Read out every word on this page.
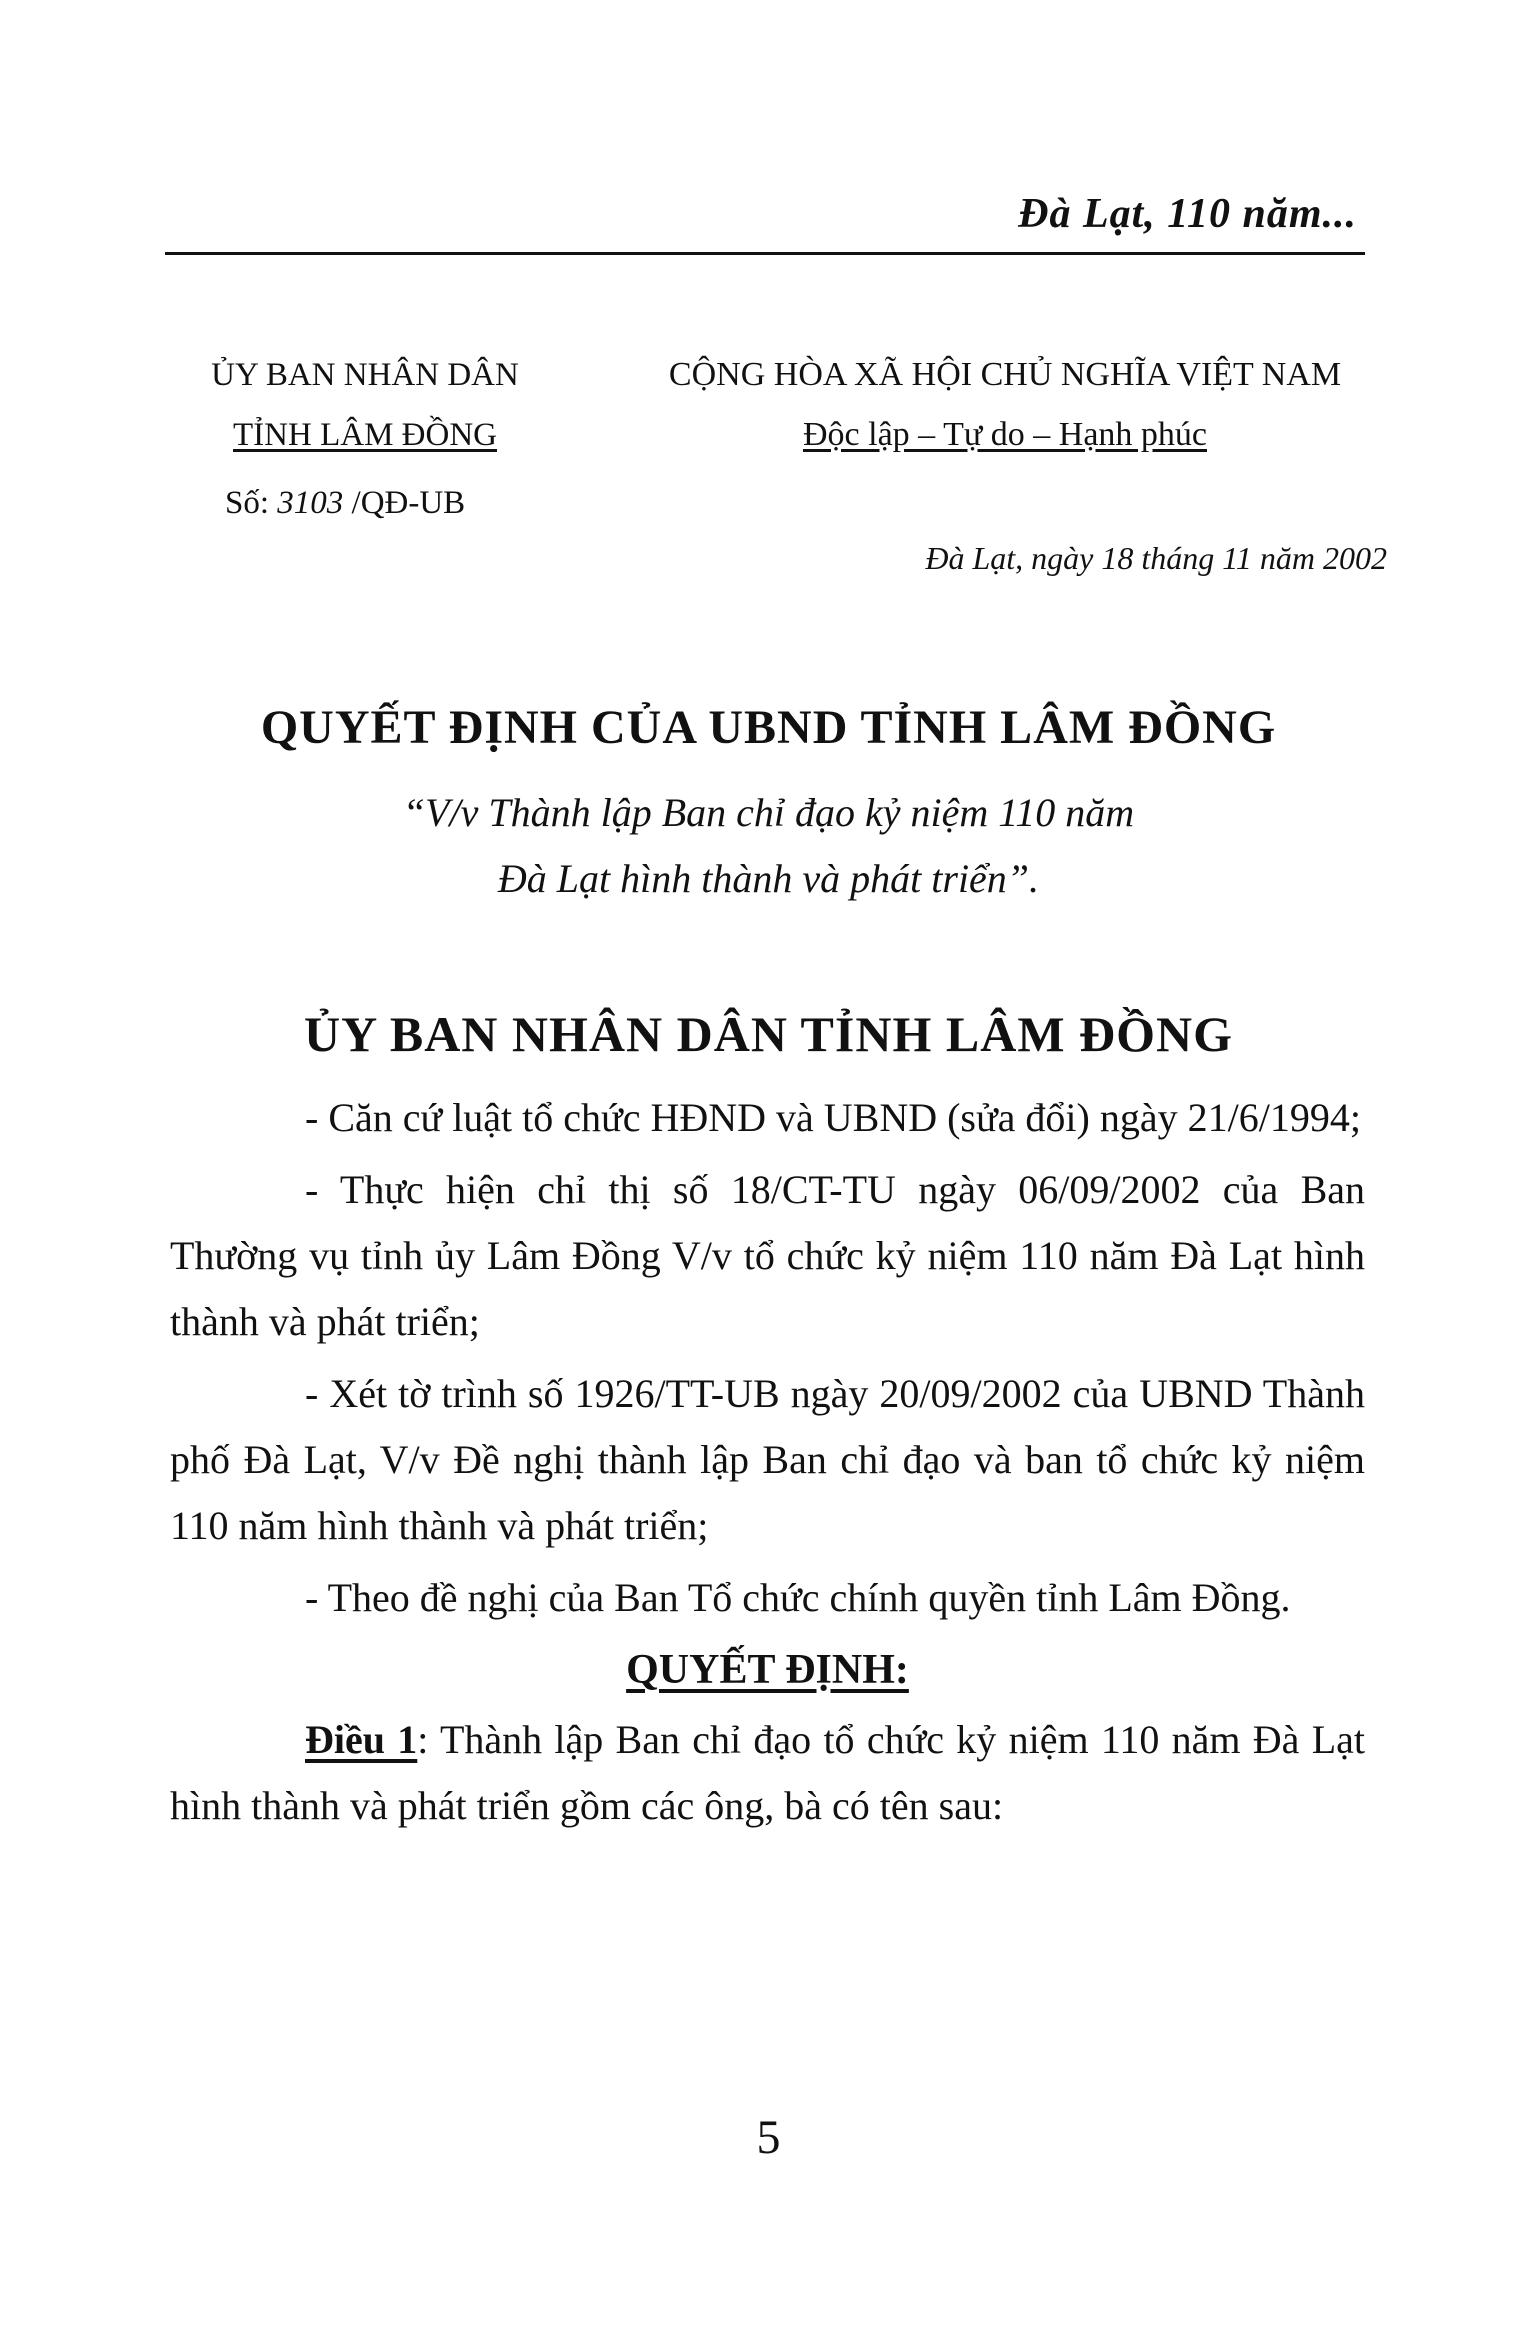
Đà Lạt, 110 năm...
ỦY BAN NHÂN DÂN
TỈNH LÂM ĐỒNG
Số: 3103 /QĐ-UB
CỘNG HÒA XÃ HỘI CHỦ NGHĨA VIỆT NAM
Độc lập – Tự do – Hạnh phúc
Đà Lạt, ngày 18 tháng 11 năm 2002
QUYẾT ĐỊNH CỦA UBND TỈNH LÂM ĐỒNG
“V/v Thành lập Ban chỉ đạo kỷ niệm 110 năm
Đà Lạt hình thành và phát triển”.
ỦY BAN NHÂN DÂN TỈNH LÂM ĐỒNG

- Căn cứ luật tổ chức HĐND và UBND (sửa đổi) ngày 21/6/1994;

- Thực hiện chỉ thị số 18/CT-TU ngày 06/09/2002 của Ban Thường vụ tỉnh ủy Lâm Đồng V/v tổ chức kỷ niệm 110 năm Đà Lạt hình thành và phát triển;

- Xét tờ trình số 1926/TT-UB ngày 20/09/2002 của UBND Thành phố Đà Lạt, V/v Đề nghị thành lập Ban chỉ đạo và ban tổ chức kỷ niệm 110 năm hình thành và phát triển;

- Theo đề nghị của Ban Tổ chức chính quyền tỉnh Lâm Đồng.

QUYẾT ĐỊNH:

Điều 1: Thành lập Ban chỉ đạo tổ chức kỷ niệm 110 năm Đà Lạt hình thành và phát triển gồm các ông, bà có tên sau:

5
